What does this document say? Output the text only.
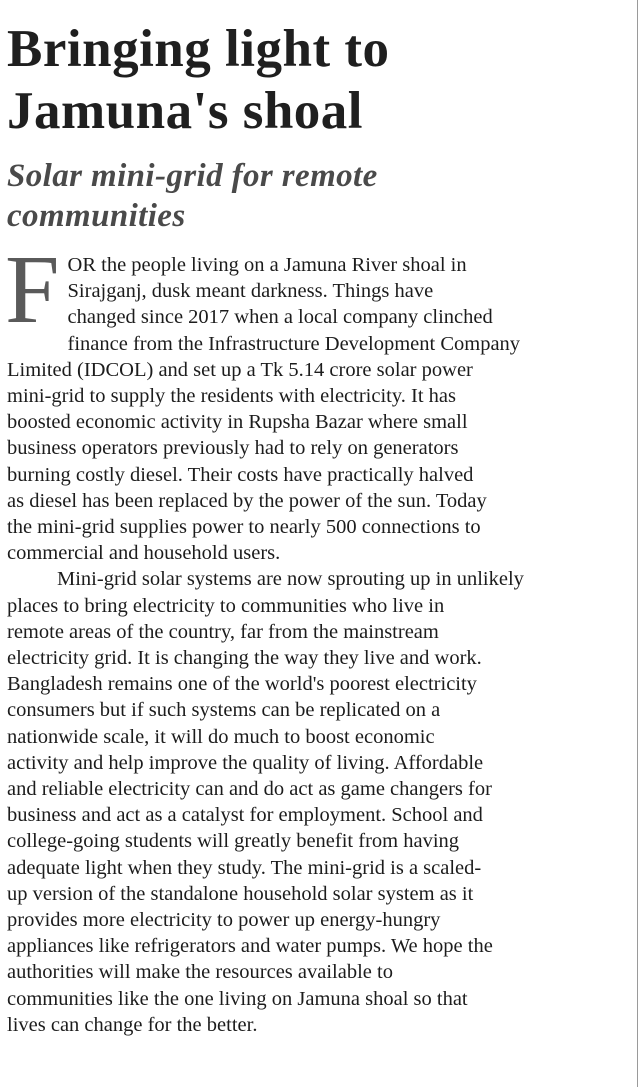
Bringing light to
Jamuna's shoal
Solar mini-grid for remote
communities
F OR the people living on a Jamuna River shoal in
Sirajganj, dusk meant darkness. Things have
changed since 2017 when a local company clinched
finance from the Infrastructure Development Company
Limited (IDCOL) and set up a Tk 5.14 crore solar power
mini-grid to supply the residents with electricity. It has
boosted economic activity in Rupsha Bazar where small
business operators previously had to rely on generators
burning costly diesel. Their costs have practically halved
as diesel has been replaced by the power of the sun. Today
the mini-grid supplies power to nearly 500 connections to
commercial and household users.
Mini-grid solar systems are now sprouting up in unlikely
places to bring electricity to communities who live in
remote areas of the country, far from the mainstream
electricity grid. It is changing the way they live and work.
Bangladesh remains one of the world's poorest electricity
consumers but if such systems can be replicated on a
nationwide scale, it will do much to boost economic
activity and help improve the quality of living. Affordable
and reliable electricity can and do act as game changers for
business and act as a catalyst for employment. School and
college-going students will greatly benefit from having
adequate light when they study. The mini-grid is a scaled-
up version of the standalone household solar system as it
provides more electricity to power up energy-hungry
appliances like refrigerators and water pumps. We hope the
authorities will make the resources available to
communities like the one living on Jamuna shoal so that
lives can change for the better.
